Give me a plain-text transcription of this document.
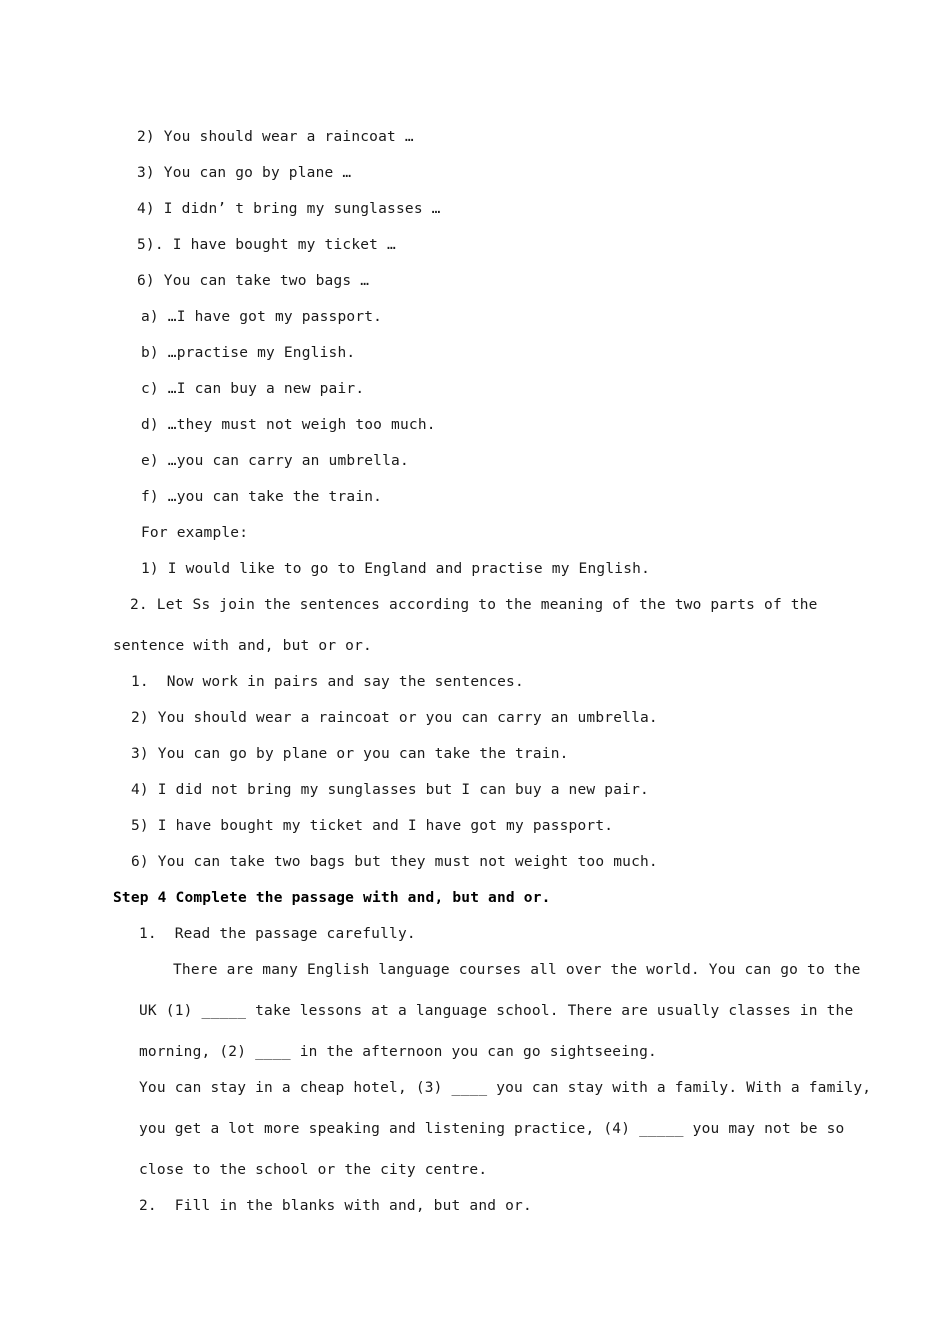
2) You should wear a raincoat …
3) You can go by plane …
4) I didn’ t bring my sunglasses …
5). I have bought my ticket …
6) You can take two bags …
a) …I have got my passport.
b) …practise my English.
c) …I can buy a new pair.
d) …they must not weigh too much.
e) …you can carry an umbrella.
f) …you can take the train.
For example:
1) I would like to go to England and practise my English.
2. Let Ss join the sentences according to the meaning of the two parts of the
sentence with and, but or or.
1.  Now work in pairs and say the sentences.
2) You should wear a raincoat or you can carry an umbrella.
3) You can go by plane or you can take the train.
4) I did not bring my sunglasses but I can buy a new pair.
5) I have bought my ticket and I have got my passport.
6) You can take two bags but they must not weight too much.
Step 4 Complete the passage with and, but and or.
1.  Read the passage carefully.
There are many English language courses all over the world. You can go to the
UK (1) _____ take lessons at a language school. There are usually classes in the
morning, (2) ____ in the afternoon you can go sightseeing.
You can stay in a cheap hotel, (3) ____ you can stay with a family. With a family,
you get a lot more speaking and listening practice, (4) _____ you may not be so
close to the school or the city centre.
2.  Fill in the blanks with and, but and or.
